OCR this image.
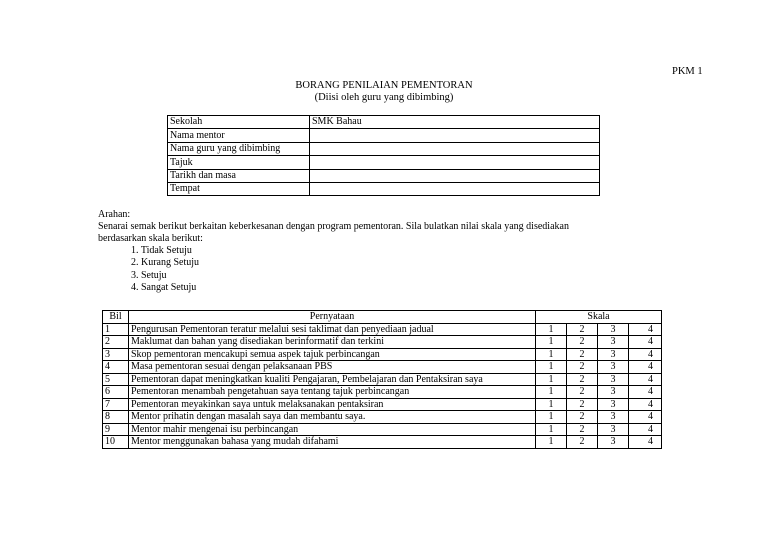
PKM 1
BORANG PENILAIAN PEMENTORAN
(Diisi oleh guru yang dibimbing)
Sekolah	SMK Bahau
Nama mentor	
Nama guru yang dibimbing	
Tajuk	
Tarikh dan masa	
Tempat	
Arahan:
Senarai semak berikut berkaitan keberkesanan dengan program pementoran. Sila bulatkan nilai skala yang disediakan
berdasarkan skala berikut:
1. Tidak Setuju
2. Kurang Setuju
3. Setuju
4. Sangat Setuju
Bil	Pernyataan	Skala			
1	Pengurusan Pementoran teratur melalui sesi taklimat dan penyediaan jadual	1	2	3	4
2	Maklumat dan bahan yang disediakan berinformatif dan terkini	1	2	3	4
3	Skop pementoran mencakupi semua aspek tajuk perbincangan	1	2	3	4
4	Masa pementoran sesuai dengan pelaksanaan PBS	1	2	3	4
5	Pementoran dapat meningkatkan kualiti Pengajaran, Pembelajaran dan Pentaksiran saya	1	2	3	4
6	Pementoran menambah pengetahuan saya tentang tajuk perbincangan	1	2	3	4
7	Pementoran meyakinkan saya untuk melaksanakan pentaksiran	1	2	3	4
8	Mentor prihatin dengan masalah saya dan membantu saya.	1	2	3	4
9	Mentor mahir mengenai isu perbincangan	1	2	3	4
10	Mentor menggunakan bahasa yang mudah difahami	1	2	3	4
